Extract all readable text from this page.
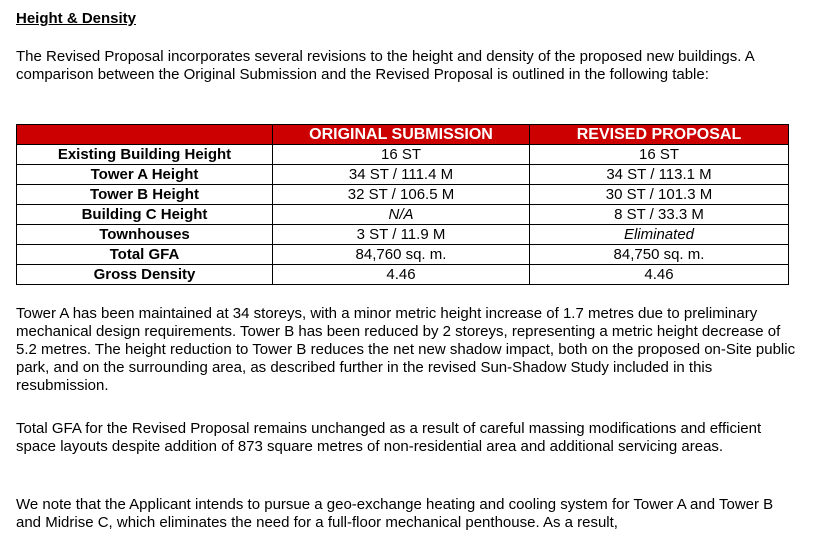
Height & Density

The Revised Proposal incorporates several revisions to the height and density of the proposed new buildings. A comparison between the Original Submission and the Revised Proposal is outlined in the following table:

	ORIGINAL SUBMISSION	REVISED PROPOSAL
Existing Building Height	16 ST	16 ST
Tower A Height	34 ST / 111.4 M	34 ST / 113.1 M
Tower B Height	32 ST / 106.5 M	30 ST / 101.3 M
Building C Height	N/A	8 ST / 33.3 M
Townhouses	3 ST / 11.9 M	Eliminated
Total GFA	84,760 sq. m.	84,750 sq. m.
Gross Density	4.46	4.46

Tower A has been maintained at 34 storeys, with a minor metric height increase of 1.7 metres due to preliminary mechanical design requirements. Tower B has been reduced by 2 storeys, representing a metric height decrease of 5.2 metres. The height reduction to Tower B reduces the net new shadow impact, both on the proposed on-Site public park, and on the surrounding area, as described further in the revised Sun-Shadow Study included in this resubmission.

Total GFA for the Revised Proposal remains unchanged as a result of careful massing modifications and efficient space layouts despite addition of 873 square metres of non-residential area and additional servicing areas.

We note that the Applicant intends to pursue a geo-exchange heating and cooling system for Tower A and Tower B and Midrise C, which eliminates the need for a full-floor mechanical penthouse. As a result,
